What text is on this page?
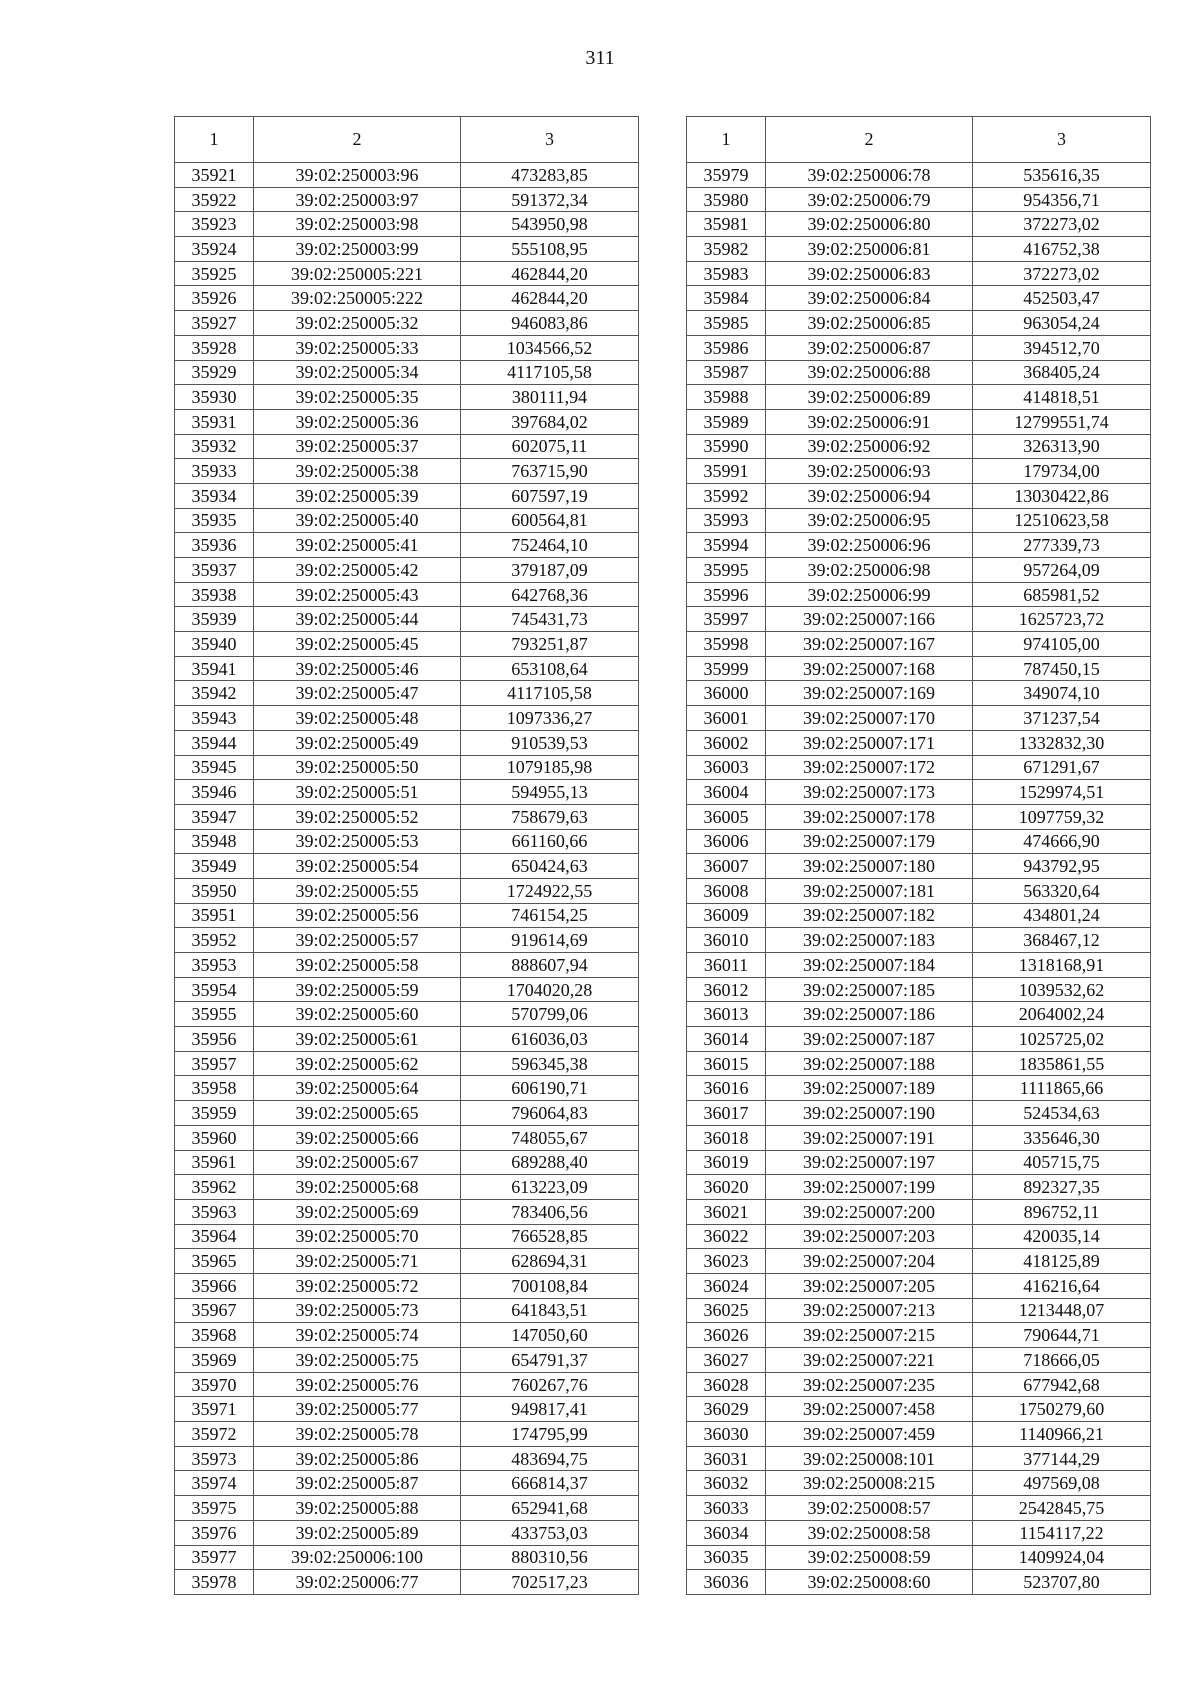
311
1	2	3
35921	39:02:250003:96	473283,85
35922	39:02:250003:97	591372,34
35923	39:02:250003:98	543950,98
35924	39:02:250003:99	555108,95
35925	39:02:250005:221	462844,20
35926	39:02:250005:222	462844,20
35927	39:02:250005:32	946083,86
35928	39:02:250005:33	1034566,52
35929	39:02:250005:34	4117105,58
35930	39:02:250005:35	380111,94
35931	39:02:250005:36	397684,02
35932	39:02:250005:37	602075,11
35933	39:02:250005:38	763715,90
35934	39:02:250005:39	607597,19
35935	39:02:250005:40	600564,81
35936	39:02:250005:41	752464,10
35937	39:02:250005:42	379187,09
35938	39:02:250005:43	642768,36
35939	39:02:250005:44	745431,73
35940	39:02:250005:45	793251,87
35941	39:02:250005:46	653108,64
35942	39:02:250005:47	4117105,58
35943	39:02:250005:48	1097336,27
35944	39:02:250005:49	910539,53
35945	39:02:250005:50	1079185,98
35946	39:02:250005:51	594955,13
35947	39:02:250005:52	758679,63
35948	39:02:250005:53	661160,66
35949	39:02:250005:54	650424,63
35950	39:02:250005:55	1724922,55
35951	39:02:250005:56	746154,25
35952	39:02:250005:57	919614,69
35953	39:02:250005:58	888607,94
35954	39:02:250005:59	1704020,28
35955	39:02:250005:60	570799,06
35956	39:02:250005:61	616036,03
35957	39:02:250005:62	596345,38
35958	39:02:250005:64	606190,71
35959	39:02:250005:65	796064,83
35960	39:02:250005:66	748055,67
35961	39:02:250005:67	689288,40
35962	39:02:250005:68	613223,09
35963	39:02:250005:69	783406,56
35964	39:02:250005:70	766528,85
35965	39:02:250005:71	628694,31
35966	39:02:250005:72	700108,84
35967	39:02:250005:73	641843,51
35968	39:02:250005:74	147050,60
35969	39:02:250005:75	654791,37
35970	39:02:250005:76	760267,76
35971	39:02:250005:77	949817,41
35972	39:02:250005:78	174795,99
35973	39:02:250005:86	483694,75
35974	39:02:250005:87	666814,37
35975	39:02:250005:88	652941,68
35976	39:02:250005:89	433753,03
35977	39:02:250006:100	880310,56
35978	39:02:250006:77	702517,23
1	2	3
35979	39:02:250006:78	535616,35
35980	39:02:250006:79	954356,71
35981	39:02:250006:80	372273,02
35982	39:02:250006:81	416752,38
35983	39:02:250006:83	372273,02
35984	39:02:250006:84	452503,47
35985	39:02:250006:85	963054,24
35986	39:02:250006:87	394512,70
35987	39:02:250006:88	368405,24
35988	39:02:250006:89	414818,51
35989	39:02:250006:91	12799551,74
35990	39:02:250006:92	326313,90
35991	39:02:250006:93	179734,00
35992	39:02:250006:94	13030422,86
35993	39:02:250006:95	12510623,58
35994	39:02:250006:96	277339,73
35995	39:02:250006:98	957264,09
35996	39:02:250006:99	685981,52
35997	39:02:250007:166	1625723,72
35998	39:02:250007:167	974105,00
35999	39:02:250007:168	787450,15
36000	39:02:250007:169	349074,10
36001	39:02:250007:170	371237,54
36002	39:02:250007:171	1332832,30
36003	39:02:250007:172	671291,67
36004	39:02:250007:173	1529974,51
36005	39:02:250007:178	1097759,32
36006	39:02:250007:179	474666,90
36007	39:02:250007:180	943792,95
36008	39:02:250007:181	563320,64
36009	39:02:250007:182	434801,24
36010	39:02:250007:183	368467,12
36011	39:02:250007:184	1318168,91
36012	39:02:250007:185	1039532,62
36013	39:02:250007:186	2064002,24
36014	39:02:250007:187	1025725,02
36015	39:02:250007:188	1835861,55
36016	39:02:250007:189	1111865,66
36017	39:02:250007:190	524534,63
36018	39:02:250007:191	335646,30
36019	39:02:250007:197	405715,75
36020	39:02:250007:199	892327,35
36021	39:02:250007:200	896752,11
36022	39:02:250007:203	420035,14
36023	39:02:250007:204	418125,89
36024	39:02:250007:205	416216,64
36025	39:02:250007:213	1213448,07
36026	39:02:250007:215	790644,71
36027	39:02:250007:221	718666,05
36028	39:02:250007:235	677942,68
36029	39:02:250007:458	1750279,60
36030	39:02:250007:459	1140966,21
36031	39:02:250008:101	377144,29
36032	39:02:250008:215	497569,08
36033	39:02:250008:57	2542845,75
36034	39:02:250008:58	1154117,22
36035	39:02:250008:59	1409924,04
36036	39:02:250008:60	523707,80
